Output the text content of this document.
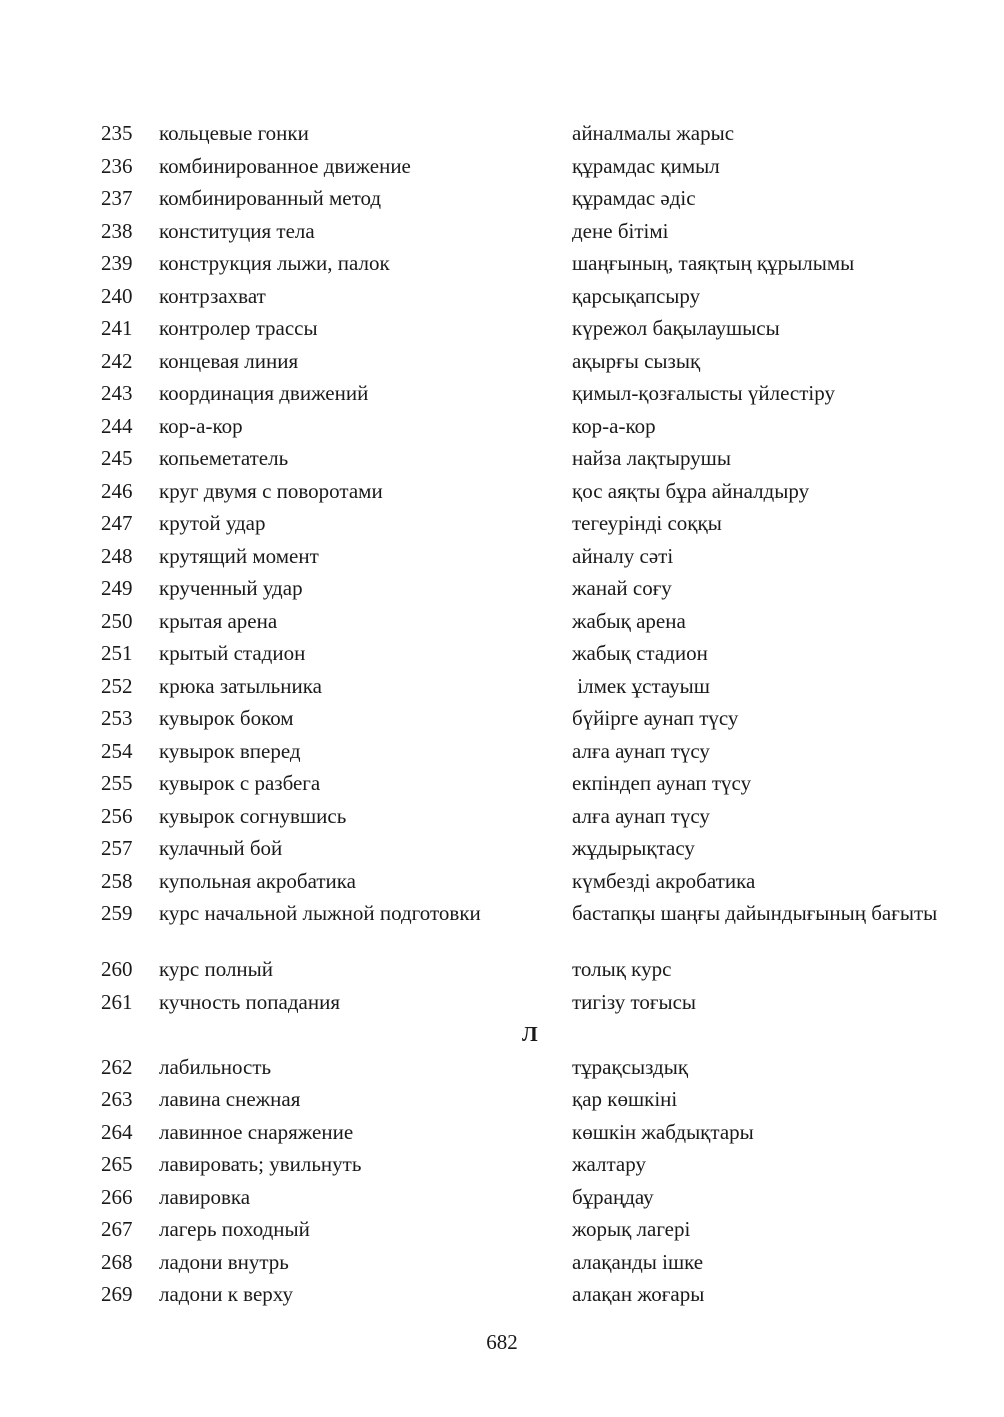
235 кольцевые гонки	айналмалы жарыс
236 комбинированное движение	құрамдас қимыл
237 комбинированный метод	құрамдас әдіс
238 конституция тела	дене бітімі
239 конструкция лыжи, палок	шаңғының, таяқтың құрылымы
240 контрзахват	қарсықапсыру
241 контролер трассы	күрежол бақылаушысы
242 концевая линия	ақырғы сызық
243 координация движений	қимыл-қозғалысты үйлестіру
244 кор-а-кор	кор-а-кор
245 копьеметатель	найза лақтырушы
246 круг двумя с поворотами	қос аяқты бұра айналдыру
247 крутой удар	тегеурінді соққы
248 крутящий момент	айналу сәті
249 крученный удар	жанай соғу
250 крытая арена	жабық арена
251 крытый стадион	жабық стадион
252 крюка затыльника	ілмек ұстауыш
253 кувырок боком	бүйірге аунап түсу
254 кувырок вперед	алға аунап түсу
255 кувырок с разбега	екпіндеп аунап түсу
256 кувырок согнувшись	алға аунап түсу
257 кулачный бой	жұдырықтасу
258 купольная акробатика	күмбезді акробатика
259 курс начальной лыжной подготовки	бастапқы шаңғы дайындығының бағыты
260 курс полный	толық курс
261 кучность попадания	тигізу тоғысы
Л
262 лабильность	тұрақсыздық
263 лавина снежная	қар көшкіні
264 лавинное снаряжение	көшкін жабдықтары
265 лавировать; увильнуть	жалтару
266 лавировка	бұраңдау
267 лагерь походный	жорық лагері
268 ладони внутрь	алақанды ішке
269 ладони к верху	алақан жоғары
682
